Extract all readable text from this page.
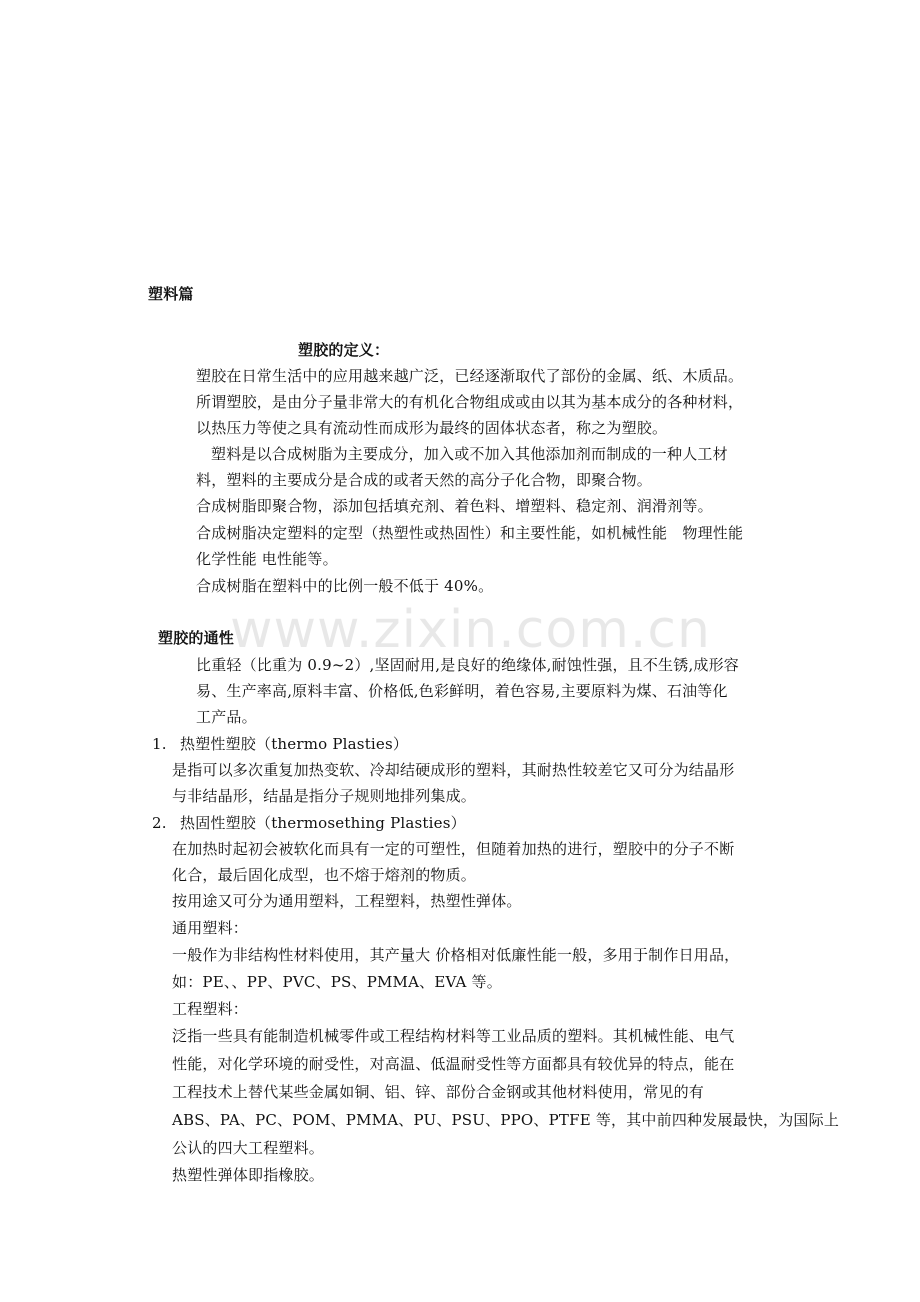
塑料篇
塑胶的定义：
塑胶在日常生活中的应用越来越广泛，已经逐渐取代了部份的金属、纸、木质品。
所谓塑胶，是由分子量非常大的有机化合物组成或由以其为基本成分的各种材料，
以热压力等使之具有流动性而成形为最终的固体状态者，称之为塑胶。
塑料是以合成树脂为主要成分，加入或不加入其他添加剂而制成的一种人工材
料，塑料的主要成分是合成的或者天然的高分子化合物，即聚合物。
合成树脂即聚合物，添加包括填充剂、着色料、增塑料、稳定剂、润滑剂等。
合成树脂决定塑料的定型（热塑性或热固性）和主要性能，如机械性能　物理性能
化学性能 电性能等。
合成树脂在塑料中的比例一般不低于 40%。
www.zixin.com.cn
塑胶的通性
比重轻（比重为 0.9~2）,坚固耐用,是良好的绝缘体,耐蚀性强，且不生锈,成形容
易、生产率高,原料丰富、价格低,色彩鲜明，着色容易,主要原料为煤、石油等化
工产品。
1. 热塑性塑胶（thermo Plasties）
是指可以多次重复加热变软、冷却结硬成形的塑料，其耐热性较差它又可分为结晶形
与非结晶形，结晶是指分子规则地排列集成。
2. 热固性塑胶（thermosething Plasties）
在加热时起初会被软化而具有一定的可塑性，但随着加热的进行，塑胶中的分子不断
化合，最后固化成型，也不熔于熔剂的物质。
按用途又可分为通用塑料，工程塑料，热塑性弹体。
通用塑料：
一般作为非结构性材料使用，其产量大 价格相对低廉性能一般，多用于制作日用品，
如：PE、、PP、PVC、PS、PMMA、EVA 等。
工程塑料：
泛指一些具有能制造机械零件或工程结构材料等工业品质的塑料。其机械性能、电气
性能，对化学环境的耐受性，对高温、低温耐受性等方面都具有较优异的特点，能在
工程技术上替代某些金属如铜、铝、锌、部份合金钢或其他材料使用，常见的有
ABS、PA、PC、POM、PMMA、PU、PSU、PPO、PTFE 等，其中前四种发展最快，为国际上
公认的四大工程塑料。
热塑性弹体即指橡胶。
